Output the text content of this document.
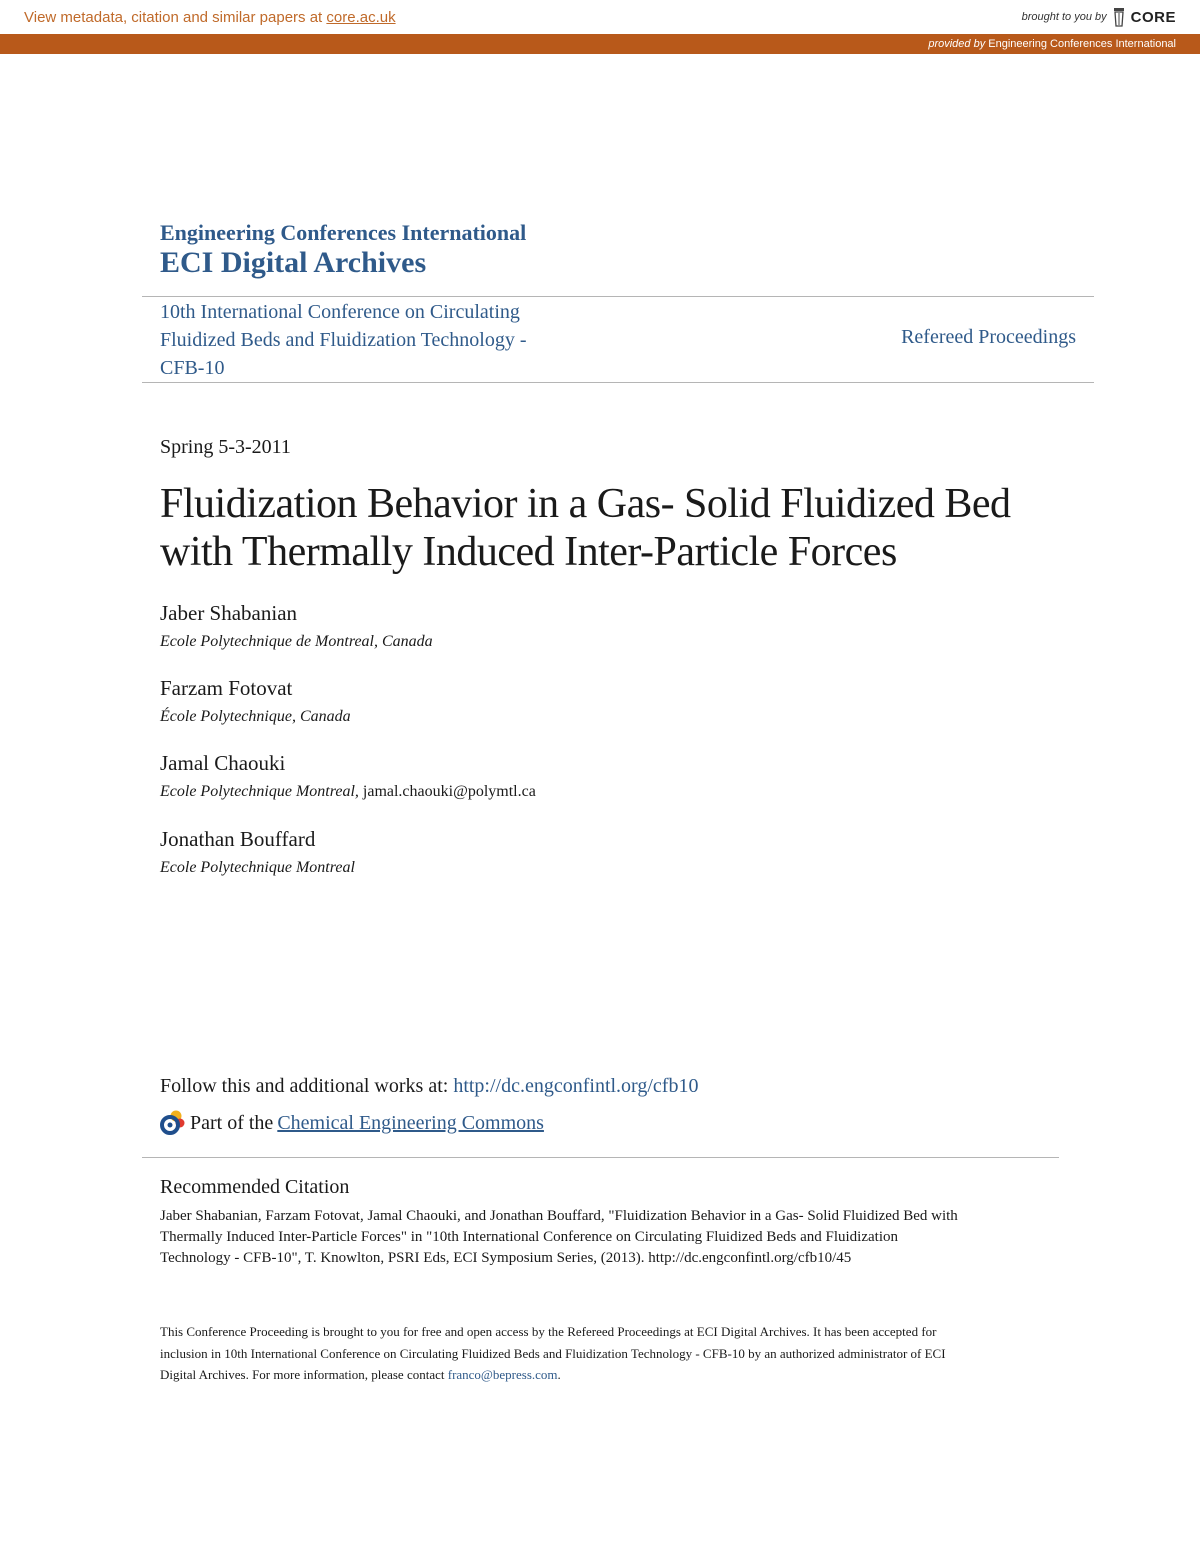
View metadata, citation and similar papers at core.ac.uk	brought to you by CORE
provided by Engineering Conferences International
Engineering Conferences International
ECI Digital Archives
10th International Conference on Circulating
Fluidized Beds and Fluidization Technology -
CFB-10
Refereed Proceedings
Spring 5-3-2011
Fluidization Behavior in a Gas- Solid Fluidized Bed
with Thermally Induced Inter-Particle Forces
Jaber Shabanian
Ecole Polytechnique de Montreal, Canada
Farzam Fotovat
École Polytechnique, Canada
Jamal Chaouki
Ecole Polytechnique Montreal, jamal.chaouki@polymtl.ca
Jonathan Bouffard
Ecole Polytechnique Montreal
Follow this and additional works at: http://dc.engconfintl.org/cfb10
Part of the Chemical Engineering Commons
Recommended Citation
Jaber Shabanian, Farzam Fotovat, Jamal Chaouki, and Jonathan Bouffard, "Fluidization Behavior in a Gas- Solid Fluidized Bed with
Thermally Induced Inter-Particle Forces" in "10th International Conference on Circulating Fluidized Beds and Fluidization
Technology - CFB-10", T. Knowlton, PSRI Eds, ECI Symposium Series, (2013). http://dc.engconfintl.org/cfb10/45
This Conference Proceeding is brought to you for free and open access by the Refereed Proceedings at ECI Digital Archives. It has been accepted for
inclusion in 10th International Conference on Circulating Fluidized Beds and Fluidization Technology - CFB-10 by an authorized administrator of ECI
Digital Archives. For more information, please contact franco@bepress.com.
